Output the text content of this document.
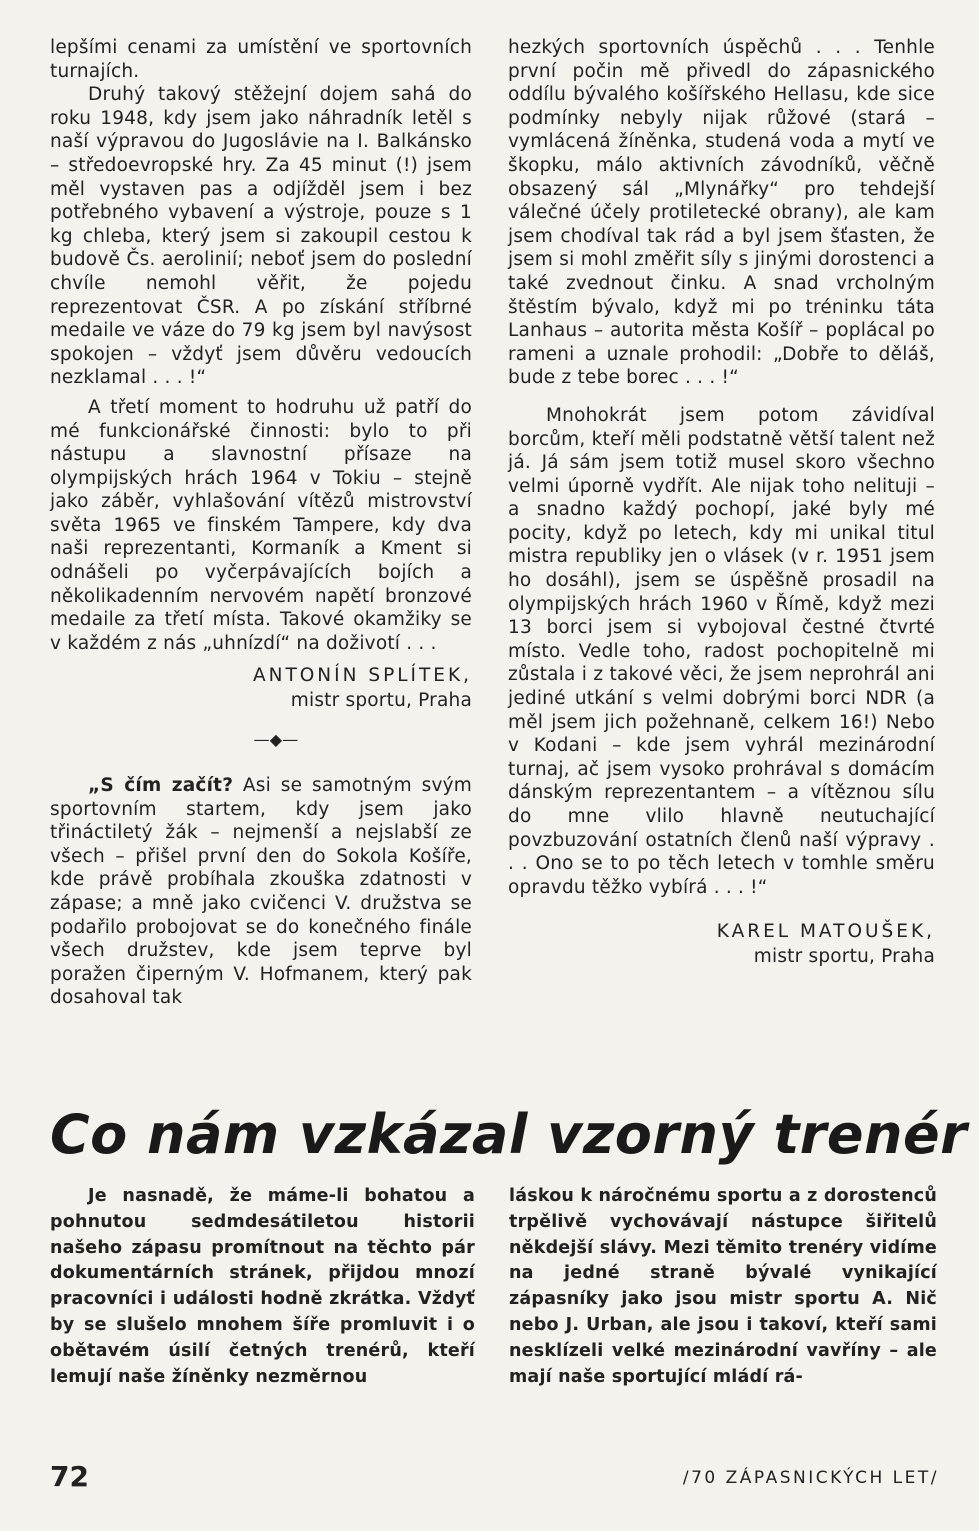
lepšími cenami za umístění ve sportovních turnajích.

Druhý takový stěžejní dojem sahá do roku 1948, kdy jsem jako náhradník letěl s naší výpravou do Jugoslávie na I. Balkánsko – středoevropské hry. Za 45 minut (!) jsem měl vystaven pas a odjížděl jsem i bez potřebného vybavení a výstroje, pouze s 1 kg chleba, který jsem si zakoupil cestou k budově Čs. aerolinií; neboť jsem do poslední chvíle nemohl věřit, že pojedu reprezentovat ČSR. A po získání stříbrné medaile ve váze do 79 kg jsem byl navýsost spokojen – vždyť jsem důvěru vedoucích nezklamal . . . !“

A třetí moment to hodruhu už patří do mé funkcionářské činnosti: bylo to při nástupu a slavnostní přísaze na olympijských hrách 1964 v Tokiu – stejně jako záběr, vyhlašování vítězů mistrovství světa 1965 ve finském Tampere, kdy dva naši reprezentanti, Kormaník a Kment si odnášeli po vyčerpávajících bojích a několikadenním nervovém napětí bronzové medaile za třetí místa. Takové okamžiky se v každém z nás „uhnízdí“ na doživotí . . .

ANTONÍN SPLÍTEK,
mistr sportu, Praha
—◆—

„S čím začít? Asi se samotným svým sportovním startem, kdy jsem jako třináctiletý žák – nejmenší a nejslabší ze všech – přišel první den do Sokola Košíře, kde právě probíhala zkouška zdatnosti v zápase; a mně jako cvičenci V. družstva se podařilo probojovat se do konečného finále všech družstev, kde jsem teprve byl poražen čiperným V. Hofmanem, který pak dosahoval tak

hezkých sportovních úspěchů . . . Tenhle první počin mě přivedl do zápasnického oddílu bývalého košířského Hellasu, kde sice podmínky nebyly nijak růžové (stará – vymlácená žíněnka, studená voda a mytí ve škopku, málo aktivních závodníků, věčně obsazený sál „Mlynářky“ pro tehdejší válečné účely protiletecké obrany), ale kam jsem chodíval tak rád a byl jsem šťasten, že jsem si mohl změřit síly s jinými dorostenci a také zvednout činku. A snad vrcholným štěstím bývalo, když mi po tréninku táta Lanhaus – autorita města Košíř – poplácal po rameni a uznale prohodil: „Dobře to děláš, bude z tebe borec . . . !“

Mnohokrát jsem potom závidíval borcům, kteří měli podstatně větší talent než já. Já sám jsem totiž musel skoro všechno velmi úporně vydřít. Ale nijak toho nelituji – a snadno každý pochopí, jaké byly mé pocity, když po letech, kdy mi unikal titul mistra republiky jen o vlásek (v r. 1951 jsem ho dosáhl), jsem se úspěšně prosadil na olympijských hrách 1960 v Římě, když mezi 13 borci jsem si vybojoval čestné čtvrté místo. Vedle toho, radost pochopitelně mi zůstala i z takové věci, že jsem neprohrál ani jediné utkání s velmi dobrými borci NDR (a měl jsem jich požehnaně, celkem 16!) Nebo v Kodani – kde jsem vyhrál mezinárodní turnaj, ač jsem vysoko prohrával s domácím dánským reprezentantem – a vítěznou sílu do mne vlilo hlavně neutuchající povzbuzování ostatních členů naší výpravy . . . Ono se to po těch letech v tomhle směru opravdu těžko vybírá . . . !“

KAREL MATOUŠEK,
mistr sportu, Praha
Co nám vzkázal vzorný trenér

Je nasnadě, že máme-li bohatou a pohnutou sedmdesátiletou historii našeho zápasu promítnout na těchto pár dokumentárních stránek, přijdou mnozí pracovníci i události hodně zkrátka. Vždyť by se slušelo mnohem šíře promluvit i o obětavém úsilí četných trenérů, kteří lemují naše žíněnky nezměrnou

láskou k náročnému sportu a z dorostenců trpělivě vychovávají nástupce šiřitelů někdejší slávy. Mezi těmito trenéry vidíme na jedné straně bývalé vynikající zápasníky jako jsou mistr sportu A. Nič nebo J. Urban, ale jsou i takoví, kteří sami nesklízeli velké mezinárodní vavříny – ale mají naše sportující mládí rá-

72	/70 ZÁPASNICKÝCH LET/
